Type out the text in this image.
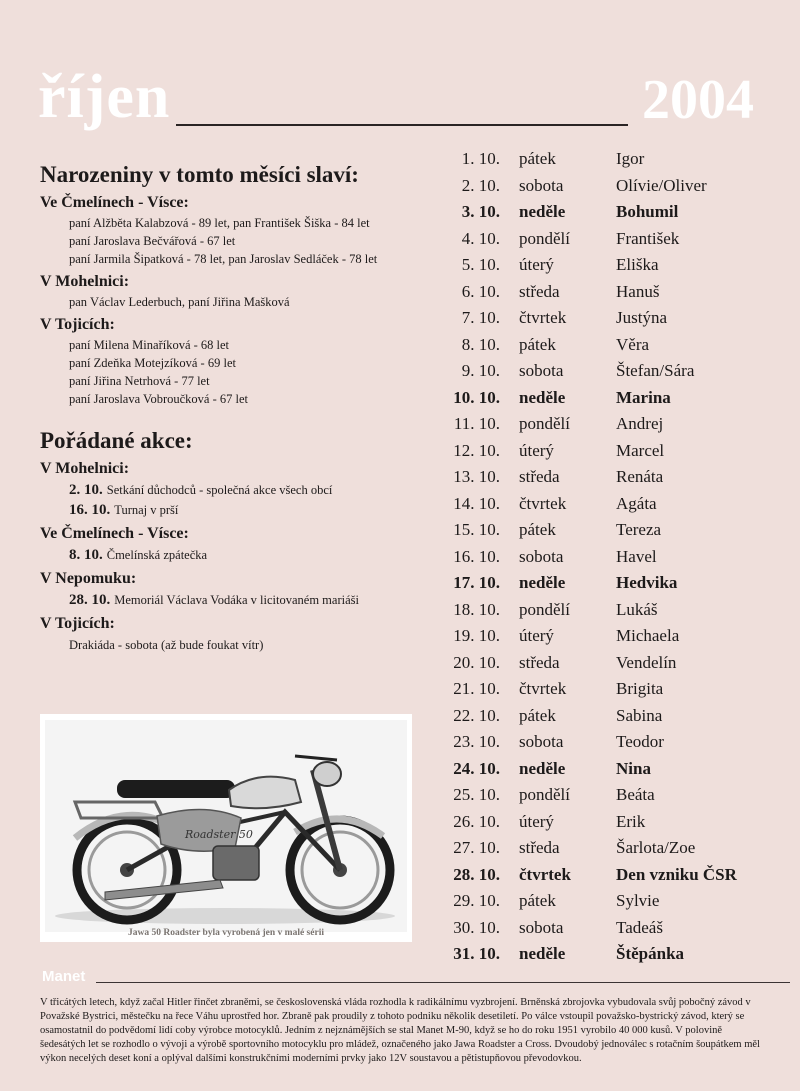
říjen	2004
Narozeniny v tomto měsíci slaví:
Ve Čmelínech - Vísce:
paní Alžběta Kalabzová - 89 let, pan František Šiška - 84 let
paní Jaroslava Bečvářová - 67 let
paní Jarmila Šipatková - 78 let, pan Jaroslav Sedláček - 78 let
V Mohelnici:
pan Václav Lederbuch, paní Jiřina Mašková
V Tojicích:
paní Milena Minaříková - 68 let
paní Zdeňka Motejzíková - 69 let
paní Jiřina Netrhová - 77 let
paní Jaroslava Vobroučková - 67 let
Pořádané akce:
V Mohelnici:
2. 10. Setkání důchodců - společná akce všech obcí
16. 10. Turnaj v prší
Ve Čmelínech - Vísce:
8. 10. Čmelínská zpátečka
V Nepomuku:
28. 10. Memoriál Václava Vodáka v licitovaném mariáši
V Tojicích:
Drakiáda - sobota (až bude foukat vítr)
Roadster 50
Jawa 50 Roadster byla vyrobená jen v malé sérii
1. 10. pátek	Igor
2. 10. sobota	Olívie/Oliver
3. 10. neděle	Bohumil
4. 10. pondělí	František
5. 10. úterý	Eliška
6. 10. středa	Hanuš
7. 10. čtvrtek	Justýna
8. 10. pátek	Věra
9. 10. sobota	Štefan/Sára
10. 10. neděle	Marina
11. 10. pondělí	Andrej
12. 10. úterý	Marcel
13. 10. středa	Renáta
14. 10. čtvrtek	Agáta
15. 10. pátek	Tereza
16. 10. sobota	Havel
17. 10. neděle	Hedvika
18. 10. pondělí	Lukáš
19. 10. úterý	Michaela
20. 10. středa	Vendelín
21. 10. čtvrtek	Brigita
22. 10. pátek	Sabina
23. 10. sobota	Teodor
24. 10. neděle	Nina
25. 10. pondělí	Beáta
26. 10. úterý	Erik
27. 10. středa	Šarlota/Zoe
28. 10. čtvrtek	Den vzniku ČSR
29. 10. pátek	Sylvie
30. 10. sobota	Tadeáš
31. 10. neděle	Štěpánka
Manet
V třicátých letech, když začal Hitler řinčet zbraněmi, se československá vláda rozhodla k radikálnímu vyzbrojení. Brněnská zbrojovka vybudovala svůj pobočný závod v Považské Bystrici, městečku na řece Váhu uprostřed hor. Zbraně pak proudily z tohoto podniku několik desetiletí. Po válce vstoupil považsko-bystrický závod, který se osamostatnil do podvědomí lidí coby výrobce motocyklů. Jedním z nejznámějších se stal Manet M-90, když se ho do roku 1951 vyrobilo 40 000 kusů. V polovině šedesátých let se rozhodlo o vývoji a výrobě sportovního motocyklu pro mládež, označeného jako Jawa Roadster a Cross. Dvoudobý jednoválec s rotačním šoupátkem měl výkon necelých deset koní a oplýval dalšími konstrukčními moderními prvky jako 12V soustavou a pětistupňovou převodovkou.
